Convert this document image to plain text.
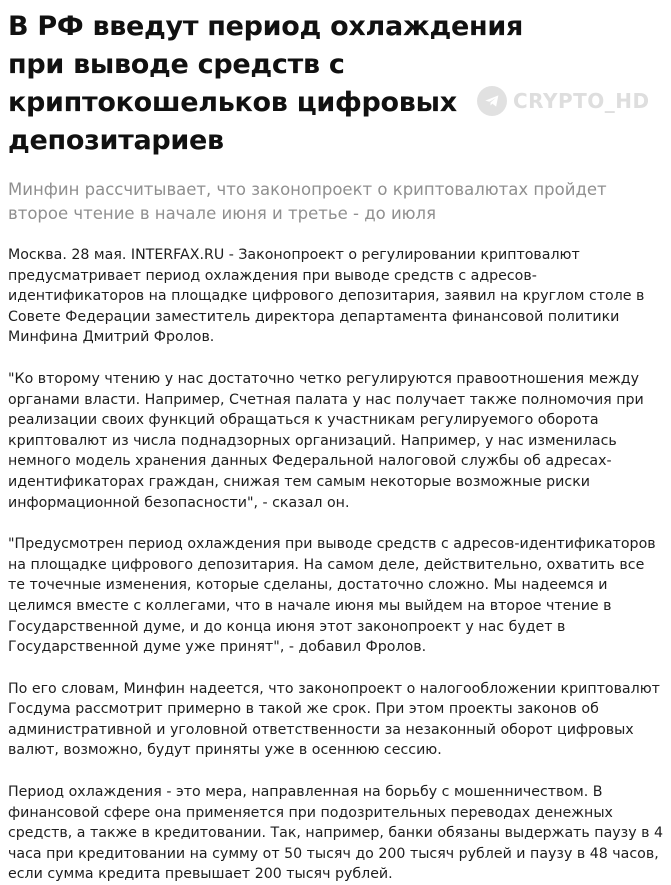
В РФ введут период охлаждения при выводе средств с криптокошельков цифровых депозитариев

Минфин рассчитывает, что законопроект о криптовалютах пройдет второе чтение в начале июня и третье - до июля

Москва. 28 мая. INTERFAX.RU - Законопроект о регулировании криптовалют предусматривает период охлаждения при выводе средств с адресов-идентификаторов на площадке цифрового депозитария, заявил на круглом столе в Совете Федерации заместитель директора департамента финансовой политики Минфина Дмитрий Фролов.

"Ко второму чтению у нас достаточно четко регулируются правоотношения между органами власти. Например, Счетная палата у нас получает также полномочия при реализации своих функций обращаться к участникам регулируемого оборота криптовалют из числа поднадзорных организаций. Например, у нас изменилась немного модель хранения данных Федеральной налоговой службы об адресах-идентификаторах граждан, снижая тем самым некоторые возможные риски информационной безопасности", - сказал он.

"Предусмотрен период охлаждения при выводе средств с адресов-идентификаторов на площадке цифрового депозитария. На самом деле, действительно, охватить все те точечные изменения, которые сделаны, достаточно сложно. Мы надеемся и целимся вместе с коллегами, что в начале июня мы выйдем на второе чтение в Государственной думе, и до конца июня этот законопроект у нас будет в Государственной думе уже принят", - добавил Фролов.

По его словам, Минфин надеется, что законопроект о налогообложении криптовалют Госдума рассмотрит примерно в такой же срок. При этом проекты законов об административной и уголовной ответственности за незаконный оборот цифровых валют, возможно, будут приняты уже в осеннюю сессию.

Период охлаждения - это мера, направленная на борьбу с мошенничеством. В финансовой сфере она применяется при подозрительных переводах денежных средств, а также в кредитовании. Так, например, банки обязаны выдержать паузу в 4 часа при кредитовании на сумму от 50 тысяч до 200 тысяч рублей и паузу в 48 часов, если сумма кредита превышает 200 тысяч рублей.

CRYPTO_HD
